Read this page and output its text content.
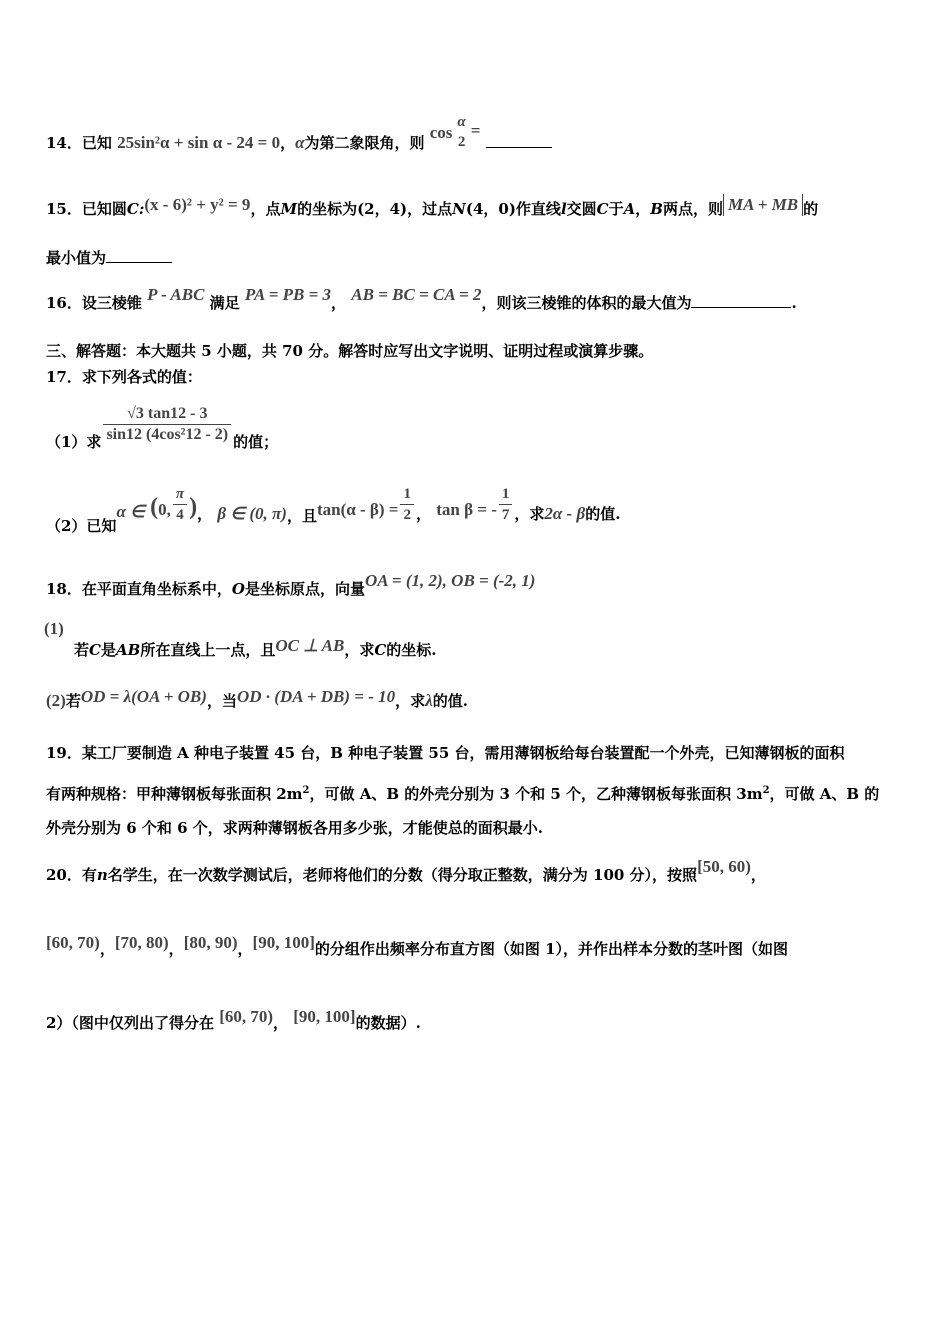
14．已知 25sin²α + sin α - 24 = 0，α为第二象限角，则 cos
α
2
=
15．已知圆C:(x - 6)² + y² = 9，点M的坐标为(2，4)，过点N(4，0)作直线l交圆C于A，B两点，则 MA + MB 的
最小值为
16．设三棱锥 P - ABC 满足 PA = PB = 3， AB = BC = CA = 2，则该三棱锥的体积的最大值为	.
三、解答题：本大题共 5 小题，共 70 分。解答时应写出文字说明、证明过程或演算步骤。
17．求下列各式的值：
（1）求 $\frac{√3 \tan 12 - 3}{\text{sin12 (4cos²12 - 2)}}$ 的值；
（2）已知α ∈ (0, $\frac{\pi}{4}$ )， β ∈ (0, π)，且$\tan(\alpha - \beta) = \frac{1}{2}$ ， tan β = - $\frac{1}{7}$ ，求2α - β的值.
18．在平面直角坐标系中，O是坐标原点，向量OA = (1, 2), OB = (-2, 1)
(1)

若C是AB所在直线上一点，且OC ⊥ AB，求C的坐标.
(2)若OD = λ(OA + OB)，当OD · (DA + DB) = - 10，求λ的值.
19．某工厂要制造 A 种电子装置 45 台，B 种电子装置 55 台，需用薄钢板给每台装置配一个外壳，已知薄钢板的面积
有两种规格：甲种薄钢板每张面积 $2m^2$，可做 A、B 的外壳分别为 3 个和 5 个，乙种薄钢板每张面积 $3m^2$，可做 A、B 的
外壳分别为 6 个和 6 个，求两种薄钢板各用多少张，才能使总的面积最小.
20．有n名学生，在一次数学测试后，老师将他们的分数（得分取正整数，满分为 100 分），按照[50, 60)，
[60, 70)，[70, 80)，[80, 90)，[90, 100]的分组作出频率分布直方图（如图 1），并作出样本分数的茎叶图（如图
2）（图中仅列出了得分在 [60, 70)， [90, 100]的数据）.
